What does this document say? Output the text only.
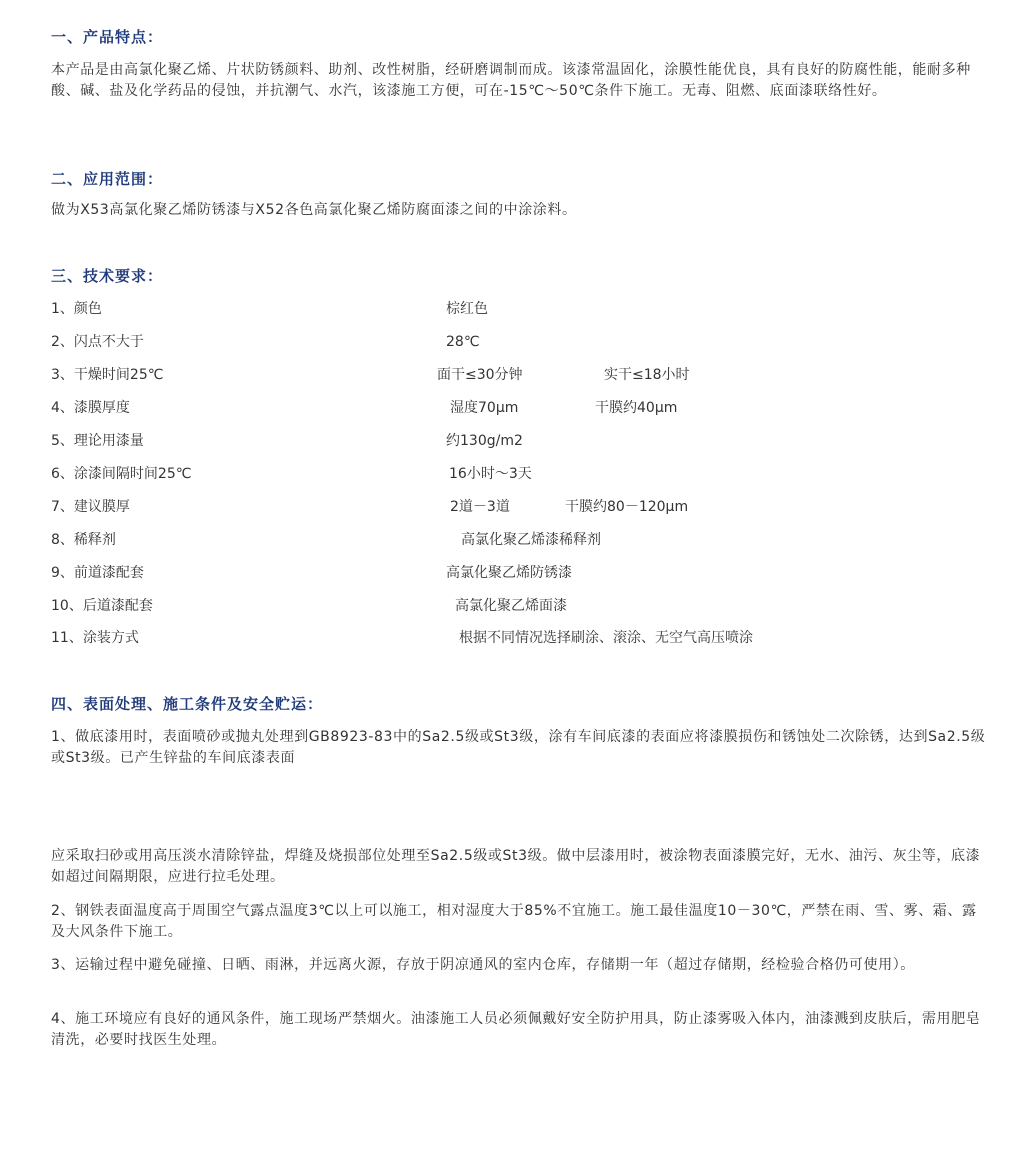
一、产品特点：
本产品是由高氯化聚乙烯、片状防锈颜料、助剂、改性树脂，经研磨调制而成。该漆常温固化，涂膜性能优良，具有良好的防腐性能，能耐多种酸、碱、盐及化学药品的侵蚀，并抗潮气、水汽，该漆施工方便，可在-15℃～50℃条件下施工。无毒、阻燃、底面漆联络性好。
二、应用范围：
做为X53高氯化聚乙烯防锈漆与X52各色高氯化聚乙烯防腐面漆之间的中涂涂料。
三、技术要求：
1、颜色	棕红色
2、闪点不大于	28℃
3、干燥时间25℃	面干≤30分钟	实干≤18小时
4、漆膜厚度	湿度70μm	干膜约40μm
5、理论用漆量	约130g/m2
6、涂漆间隔时间25℃	16小时～3天
7、建议膜厚	2道－3道	干膜约80－120μm
8、稀释剂	高氯化聚乙烯漆稀释剂
9、前道漆配套	高氯化聚乙烯防锈漆
10、后道漆配套	高氯化聚乙烯面漆
11、涂装方式	根据不同情况选择刷涂、滚涂、无空气高压喷涂
四、表面处理、施工条件及安全贮运：
1、做底漆用时，表面喷砂或抛丸处理到GB8923-83中的Sa2.5级或St3级，涂有车间底漆的表面应将漆膜损伤和锈蚀处二次除锈，达到Sa2.5级或St3级。已产生锌盐的车间底漆表面
应采取扫砂或用高压淡水清除锌盐，焊缝及烧损部位处理至Sa2.5级或St3级。做中层漆用时，被涂物表面漆膜完好，无水、油污、灰尘等，底漆如超过间隔期限，应进行拉毛处理。
2、钢铁表面温度高于周围空气露点温度3℃以上可以施工，相对湿度大于85%不宜施工。施工最佳温度10－30℃，严禁在雨、雪、雾、霜、露及大风条件下施工。
3、运输过程中避免碰撞、日晒、雨淋，并远离火源，存放于阴凉通风的室内仓库，存储期一年（超过存储期，经检验合格仍可使用）。
4、施工环境应有良好的通风条件，施工现场严禁烟火。油漆施工人员必须佩戴好安全防护用具，防止漆雾吸入体内，油漆溅到皮肤后，需用肥皂清洗，必要时找医生处理。
